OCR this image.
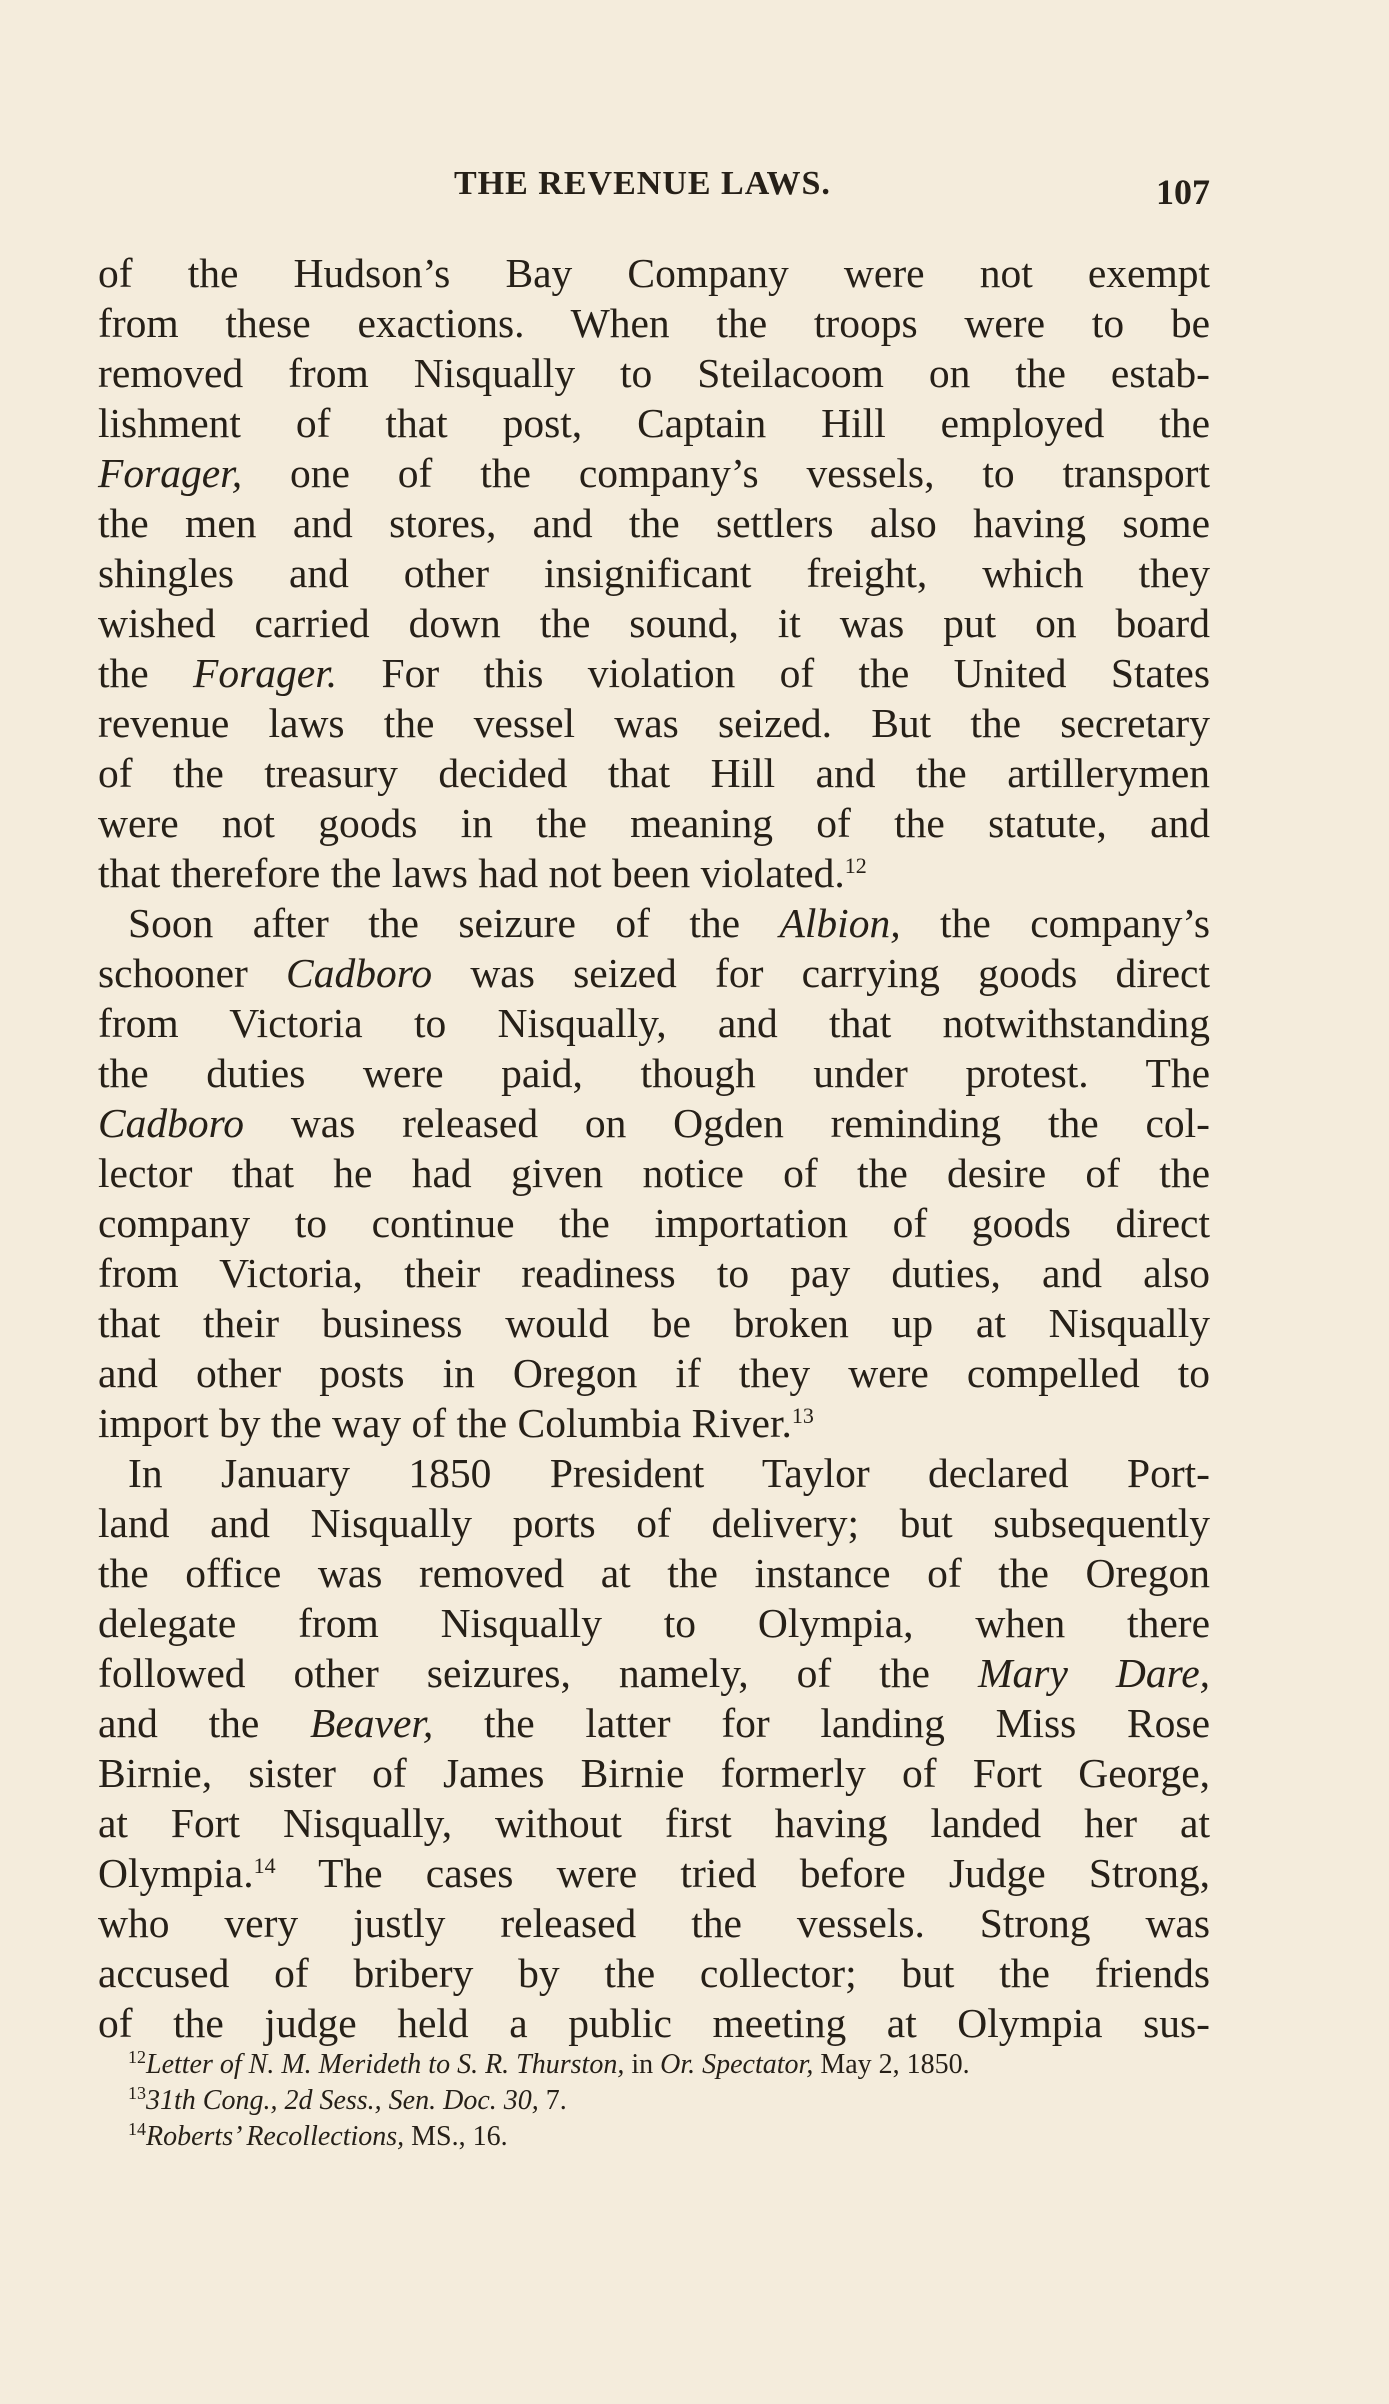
THE REVENUE LAWS.	107
of the Hudson’s Bay Company were not exempt
from these exactions. When the troops were to be
removed from Nisqually to Steilacoom on the estab-
lishment of that post, Captain Hill employed the
Forager, one of the company’s vessels, to transport
the men and stores, and the settlers also having some
shingles and other insignificant freight, which they
wished carried down the sound, it was put on board
the Forager. For this violation of the United States
revenue laws the vessel was seized. But the secretary
of the treasury decided that Hill and the artillerymen
were not goods in the meaning of the statute, and
that therefore the laws had not been violated.$^{12}$
Soon after the seizure of the Albion, the company’s
schooner Cadboro was seized for carrying goods direct
from Victoria to Nisqually, and that notwithstanding
the duties were paid, though under protest. The
Cadboro was released on Ogden reminding the col-
lector that he had given notice of the desire of the
company to continue the importation of goods direct
from Victoria, their readiness to pay duties, and also
that their business would be broken up at Nisqually
and other posts in Oregon if they were compelled to
import by the way of the Columbia River.$^{13}$
In January 1850 President Taylor declared Port-
land and Nisqually ports of delivery; but subsequently
the office was removed at the instance of the Oregon
delegate from Nisqually to Olympia, when there
followed other seizures, namely, of the Mary Dare,
and the Beaver, the latter for landing Miss Rose
Birnie, sister of James Birnie formerly of Fort George,
at Fort Nisqually, without first having landed her at
Olympia.$^{14}$ The cases were tried before Judge Strong,
who very justly released the vessels. Strong was
accused of bribery by the collector; but the friends
of the judge held a public meeting at Olympia sus-
$^{12}$Letter of N. M. Merideth to S. R. Thurston, in Or. Spectator, May 2, 1850.
$^{13}$31th Cong., 2d Sess., Sen. Doc. 30, 7.
$^{14}$Roberts’ Recollections, MS., 16.
